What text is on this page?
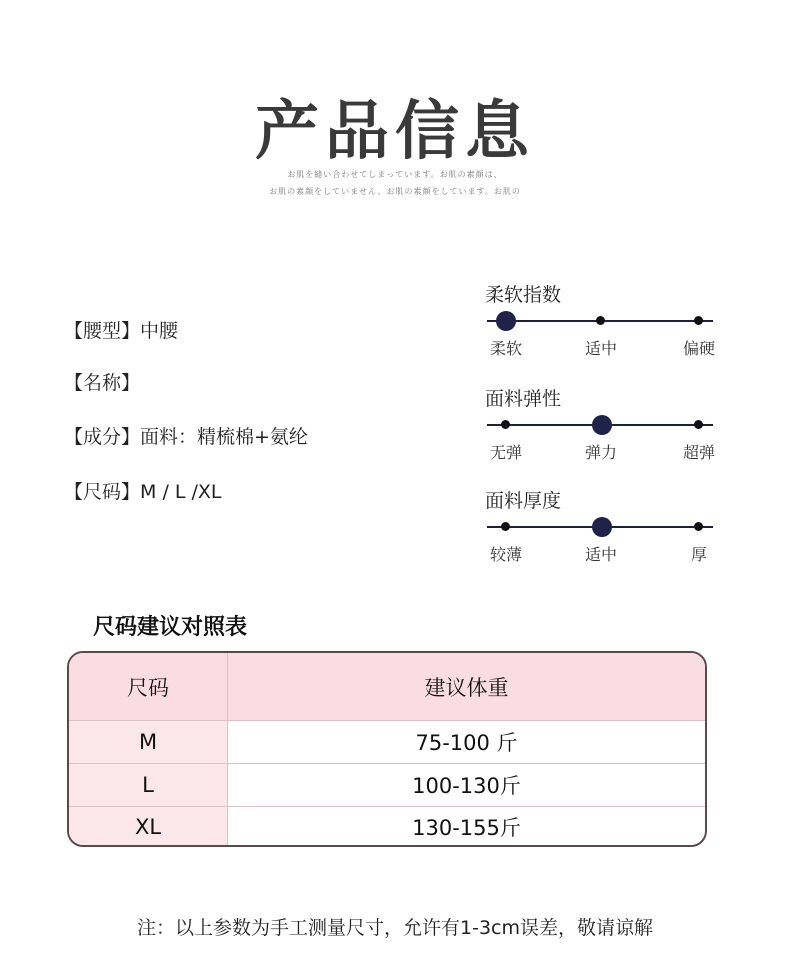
产品信息
お肌を縫い合わせてしまっています。お肌の素顔は、
お肌の素顔をしていません。お肌の素顔をしています。お肌の
【腰型】中腰
【名称】
【成分】面料：精梳棉+氨纶
【尺码】M / L /XL
柔软指数
柔软	适中	偏硬
面料弹性
无弹	弹力	超弹
面料厚度
较薄	适中	厚
尺码建议对照表
尺码	建议体重
M	75-100 斤
L	100-130斤
XL	130-155斤
注：以上参数为手工测量尺寸，允许有1-3cm误差，敬请谅解
